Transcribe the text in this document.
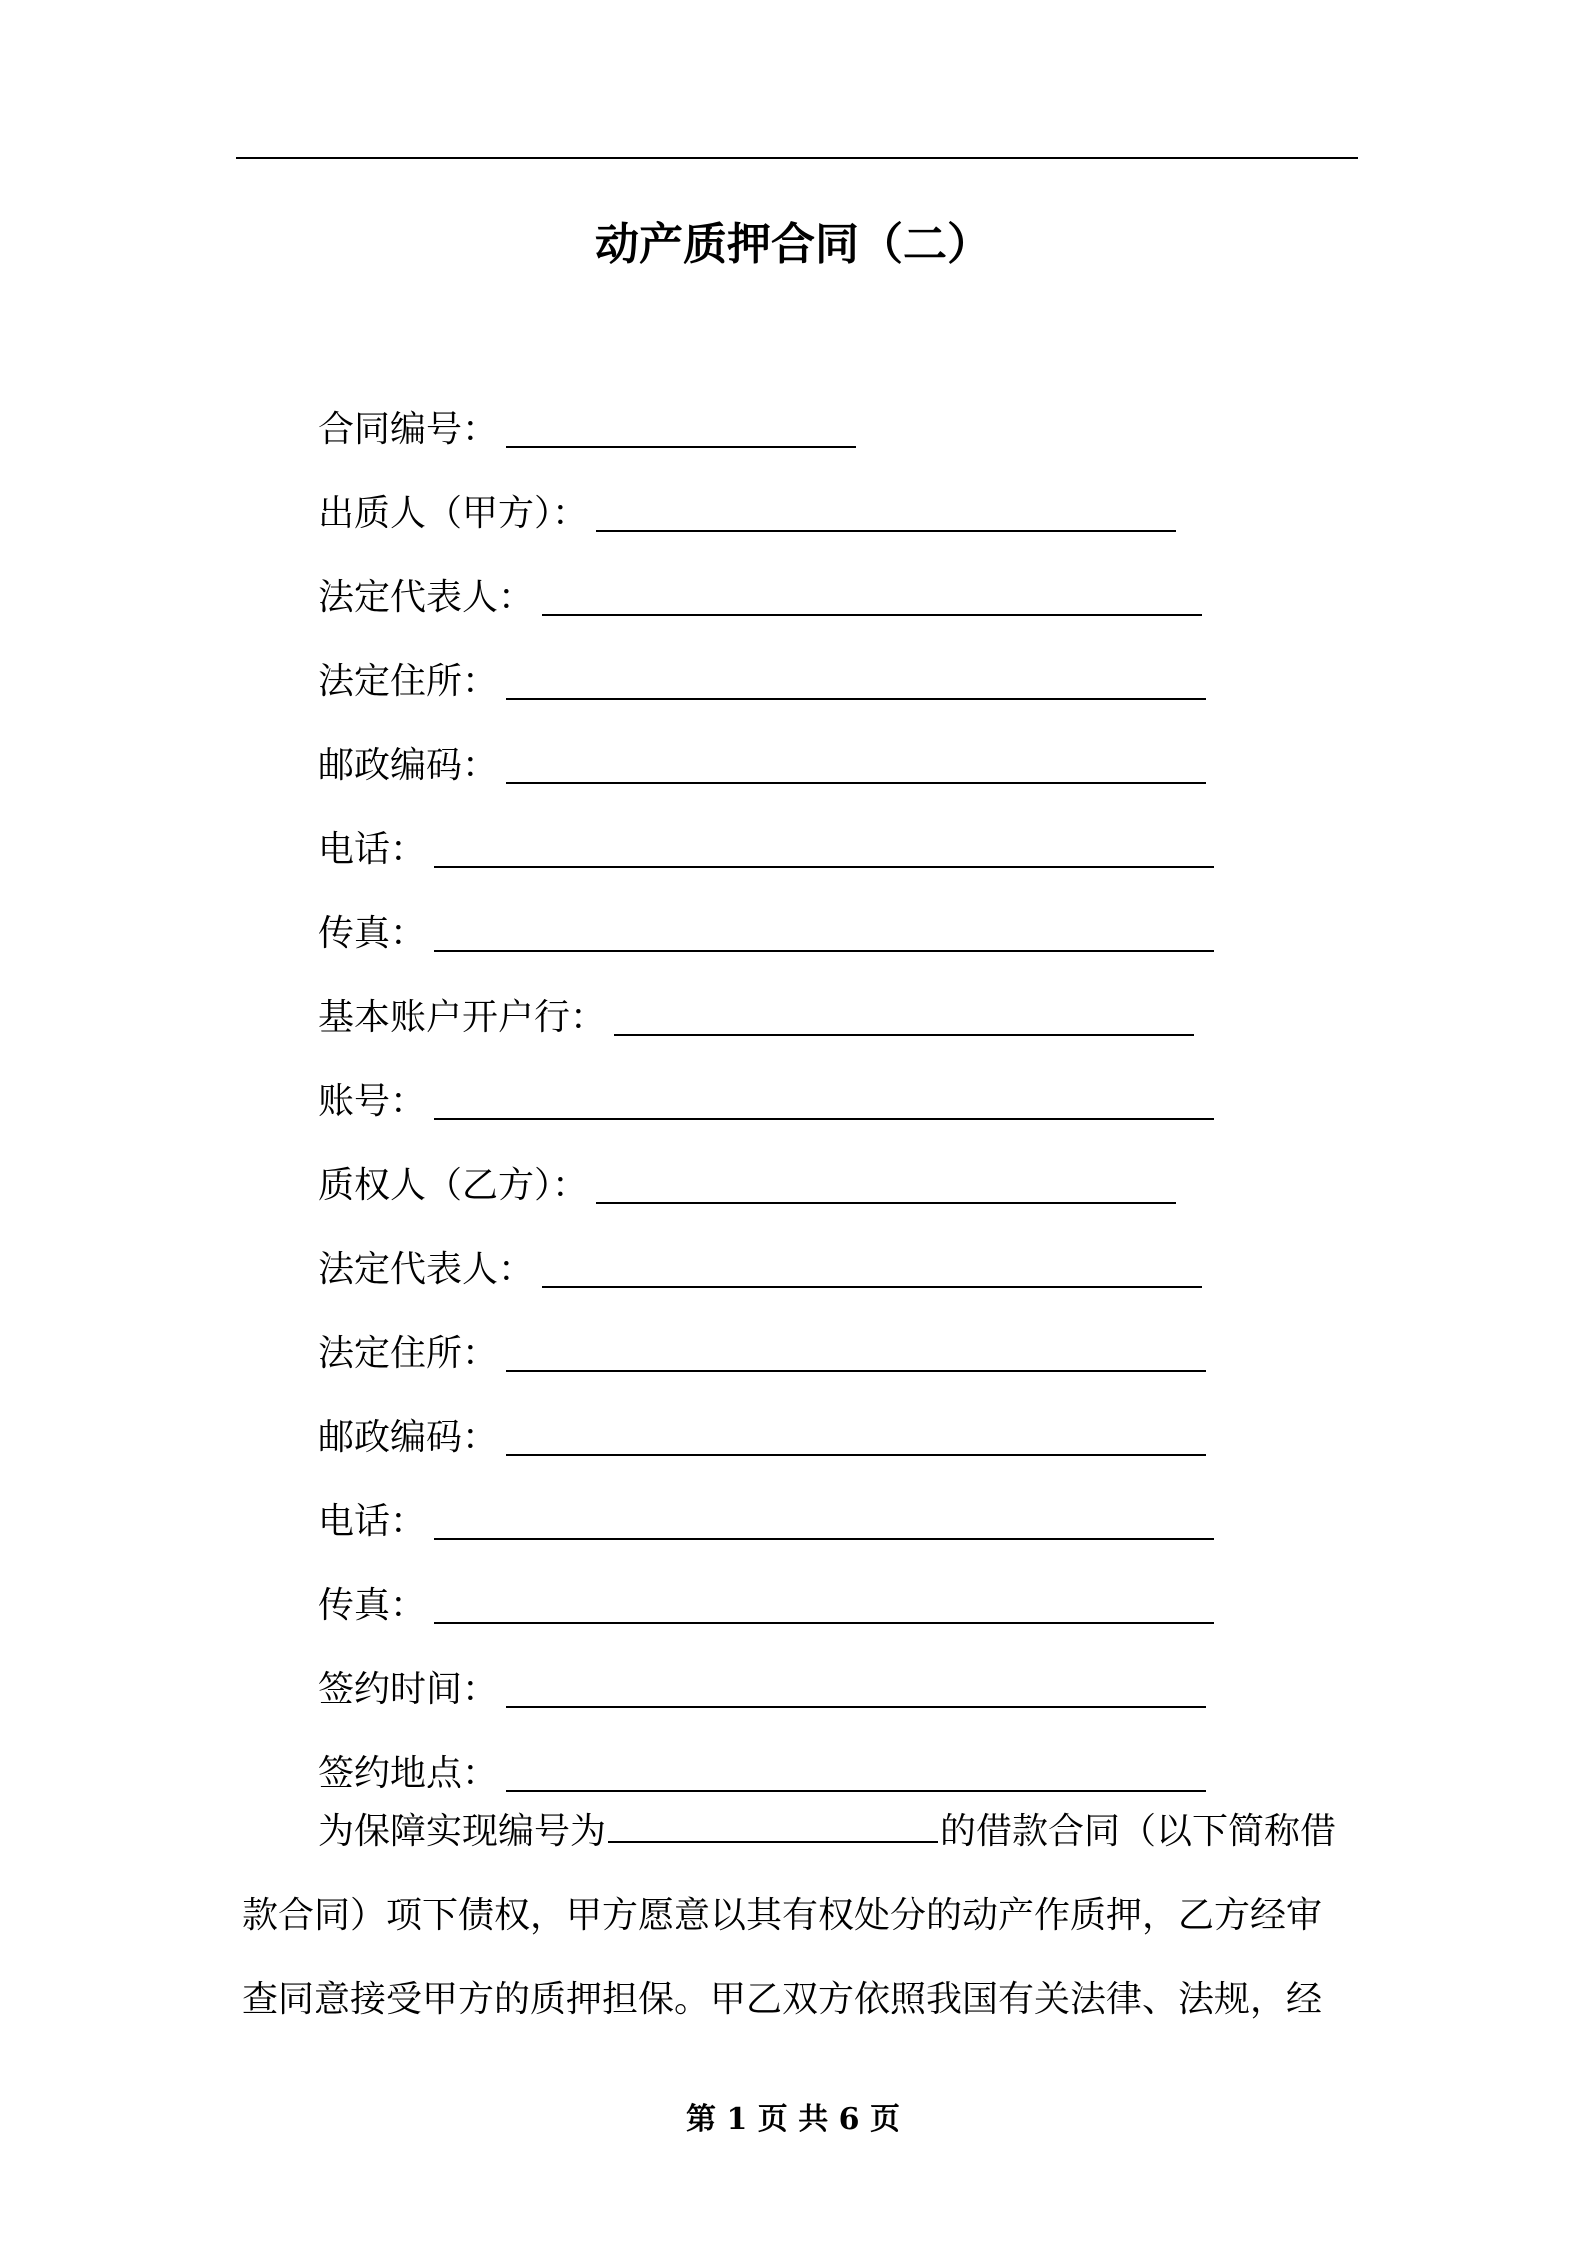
动产质押合同（二）
合同编号：
出质人（甲方）：
法定代表人：
法定住所：
邮政编码：
电话：
传真：
基本账户开户行：
账号：
质权人（乙方）：
法定代表人：
法定住所：
邮政编码：
电话：
传真：
签约时间：
签约地点：
为保障实现编号为	的借款合同（以下简称借
款合同）项下债权，甲方愿意以其有权处分的动产作质押，乙方经审
查同意接受甲方的质押担保。甲乙双方依照我国有关法律、法规，经
第 1 页 共 6 页
